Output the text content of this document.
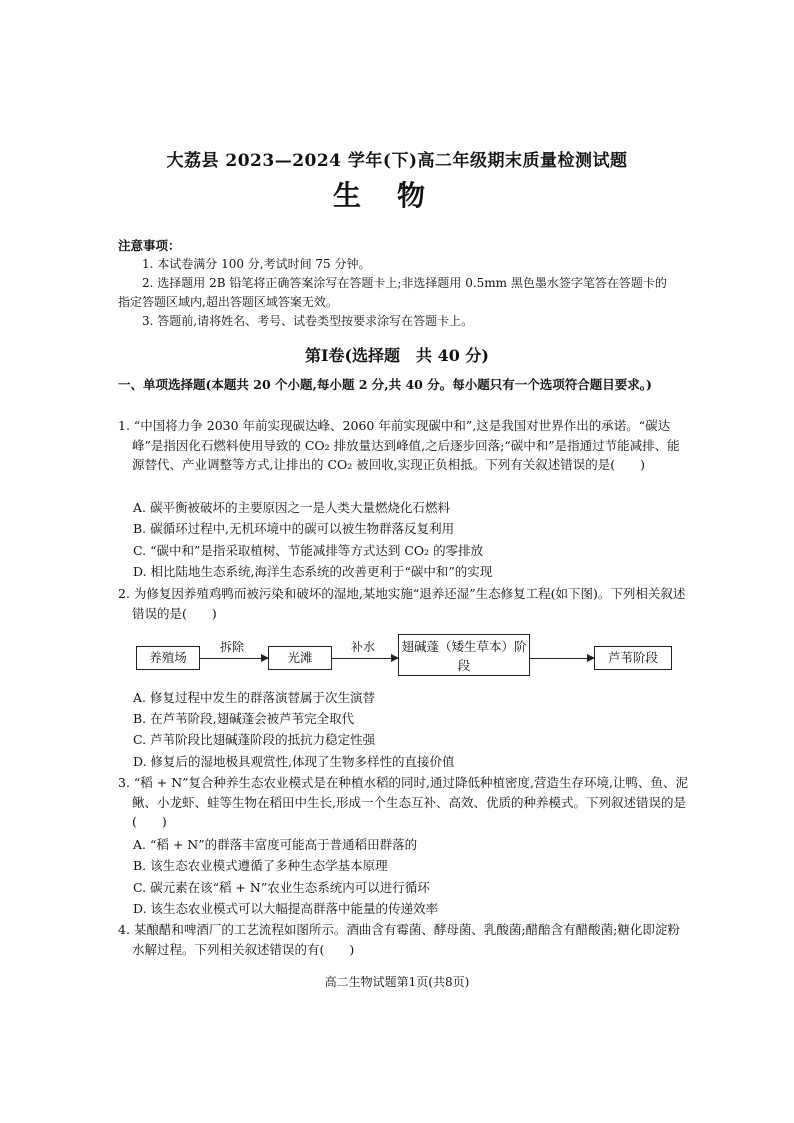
大荔县 2023—2024 学年(下)高二年级期末质量检测试题
生物
注意事项：
1. 本试卷满分 100 分,考试时间 75 分钟。
2. 选择题用 2B 铅笔将正确答案涂写在答题卡上;非选择题用 0.5mm 黑色墨水签字笔答在答题卡的指定答题区域内,超出答题区域答案无效。
3. 答题前,请将姓名、考号、试卷类型按要求涂写在答题卡上。
第Ⅰ卷(选择题　共 40 分)
一、单项选择题(本题共 20 个小题,每小题 2 分,共 40 分。每小题只有一个选项符合题目要求。)
1. “中国将力争 2030 年前实现碳达峰、2060 年前实现碳中和”,这是我国对世界作出的承诺。“碳达峰”是指因化石燃料使用导致的 CO₂ 排放量达到峰值,之后逐步回落;“碳中和”是指通过节能减排、能源替代、产业调整等方式,让排出的 CO₂ 被回收,实现正负相抵。下列有关叙述错误的是(　　)
A. 碳平衡被破坏的主要原因之一是人类大量燃烧化石燃料
B. 碳循环过程中,无机环境中的碳可以被生物群落反复利用
C. “碳中和”是指采取植树、节能减排等方式达到 CO₂ 的零排放
D. 相比陆地生态系统,海洋生态系统的改善更利于“碳中和”的实现
2. 为修复因养殖鸡鸭而被污染和破坏的湿地,某地实施“退养还湿”生态修复工程(如下图)。下列相关叙述错误的是(　　)
养殖场
拆除
光滩
补水	翅碱蓬（矮生草本）阶段
芦苇阶段
A. 修复过程中发生的群落演替属于次生演替
B. 在芦苇阶段,翅碱蓬会被芦苇完全取代
C. 芦苇阶段比翅碱蓬阶段的抵抗力稳定性强
D. 修复后的湿地极具观赏性,体现了生物多样性的直接价值
3. “稻 + N”复合种养生态农业模式是在种植水稻的同时,通过降低种植密度,营造生存环境,让鸭、鱼、泥鳅、小龙虾、蛙等生物在稻田中生长,形成一个生态互补、高效、优质的种养模式。下列叙述错误的是(　　)
A. “稻 + N”的群落丰富度可能高于普通稻田群落的
B. 该生态农业模式遵循了多种生态学基本原理
C. 碳元素在该“稻 + N”农业生态系统内可以进行循环
D. 该生态农业模式可以大幅提高群落中能量的传递效率
4. 某酿醋和啤酒厂的工艺流程如图所示。酒曲含有霉菌、酵母菌、乳酸菌;醋醅含有醋酸菌;糖化即淀粉水解过程。下列相关叙述错误的有(　　)
高二生物试题第1页(共8页)
